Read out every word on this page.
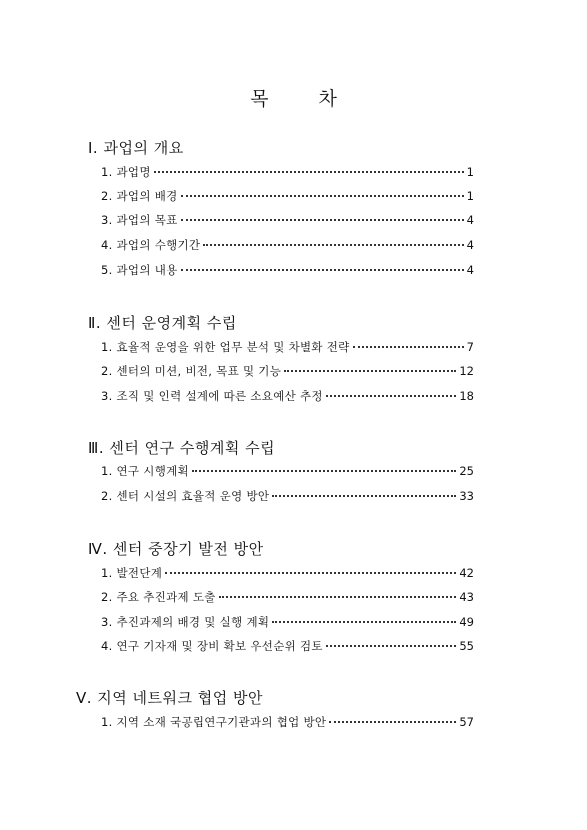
목 차
Ⅰ. 과업의 개요
1. 과업명	1
2. 과업의 배경	1
3. 과업의 목표	4
4. 과업의 수행기간	4
5. 과업의 내용	4
Ⅱ. 센터 운영계획 수립
1. 효율적 운영을 위한 업무 분석 및 차별화 전략	7
2. 센터의 미션, 비전, 목표 및 기능	12
3. 조직 및 인력 설계에 따른 소요예산 추정	18
Ⅲ. 센터 연구 수행계획 수립
1. 연구 시행계획	25
2. 센터 시설의 효율적 운영 방안	33
Ⅳ. 센터 중장기 발전 방안
1. 발전단계	42
2. 주요 추진과제 도출	43
3. 추진과제의 배경 및 실행 계획	49
4. 연구 기자재 및 장비 확보 우선순위 검토	55
Ⅴ. 지역 네트워크 협업 방안
1. 지역 소재 국공립연구기관과의 협업 방안	57
